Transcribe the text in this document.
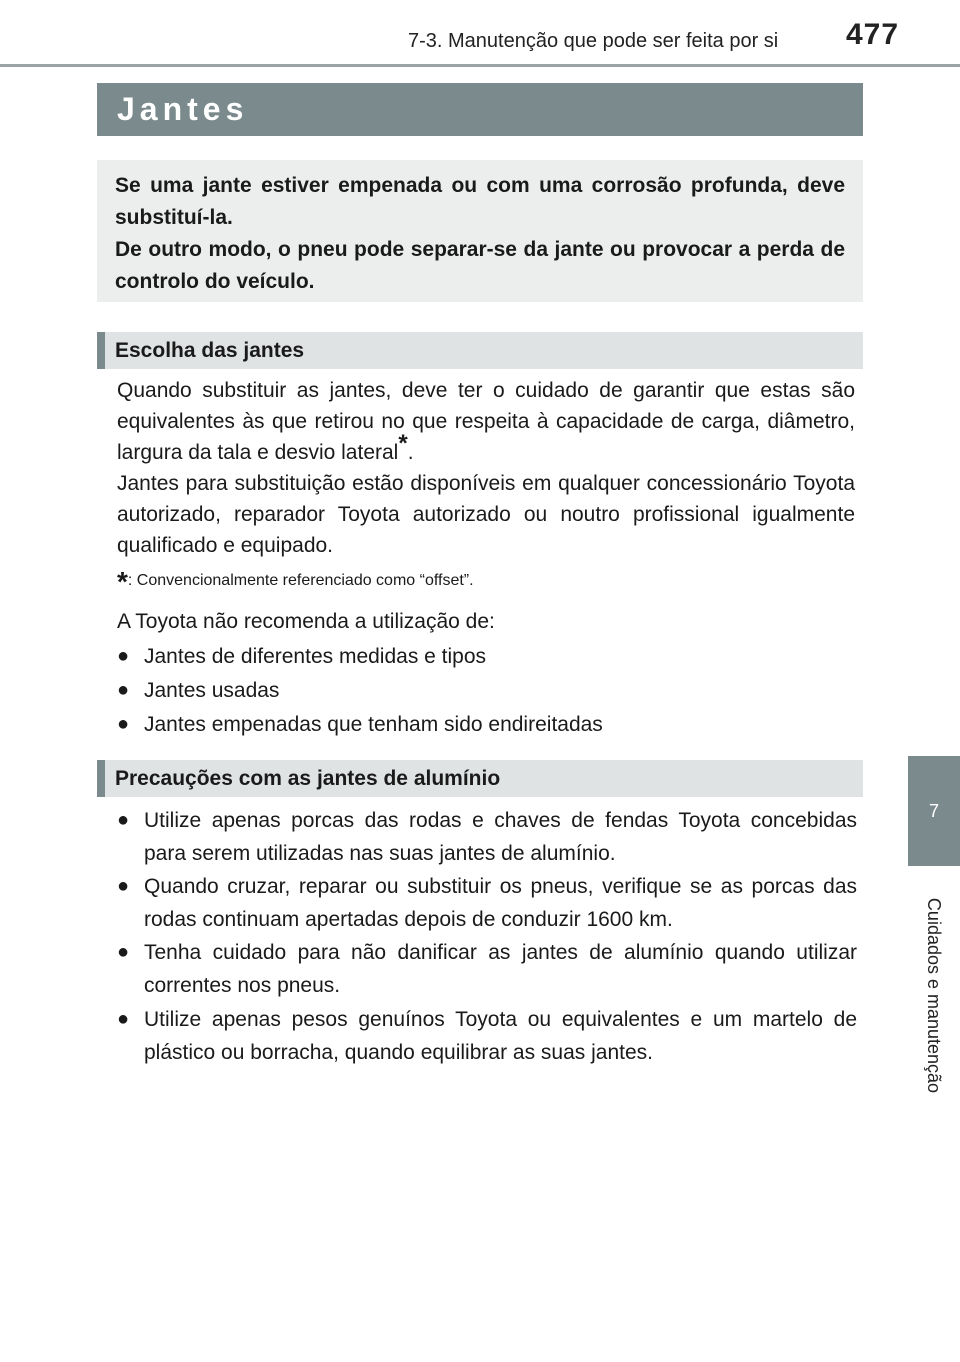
7-3. Manutenção que pode ser feita por si 477
7
Cuidados e manutenção
Jantes

Se uma jante estiver empenada ou com uma corrosão profunda, deve substituí-la.

De outro modo, o pneu pode separar-se da jante ou provocar a perda de controlo do veículo.

Escolha das jantes

Quando substituir as jantes, deve ter o cuidado de garantir que estas são equivalentes às que retirou no que respeita à capacidade de carga, diâmetro, largura da tala e desvio lateral*.

Jantes para substituição estão disponíveis em qualquer concessionário Toyota autorizado, reparador Toyota autorizado ou noutro profissional igualmente qualificado e equipado.

*: Convencionalmente referenciado como “offset”.
A Toyota não recomenda a utilização de:
● Jantes de diferentes medidas e tipos
● Jantes usadas
● Jantes empenadas que tenham sido endireitadas
Precauções com as jantes de alumínio
● Utilize apenas porcas das rodas e chaves de fendas Toyota concebidas para serem utilizadas nas suas jantes de alumínio.
● Quando cruzar, reparar ou substituir os pneus, verifique se as porcas das rodas continuam apertadas depois de conduzir 1600 km.
● Tenha cuidado para não danificar as jantes de alumínio quando utilizar correntes nos pneus.
● Utilize apenas pesos genuínos Toyota ou equivalentes e um martelo de plástico ou borracha, quando equilibrar as suas jantes.
